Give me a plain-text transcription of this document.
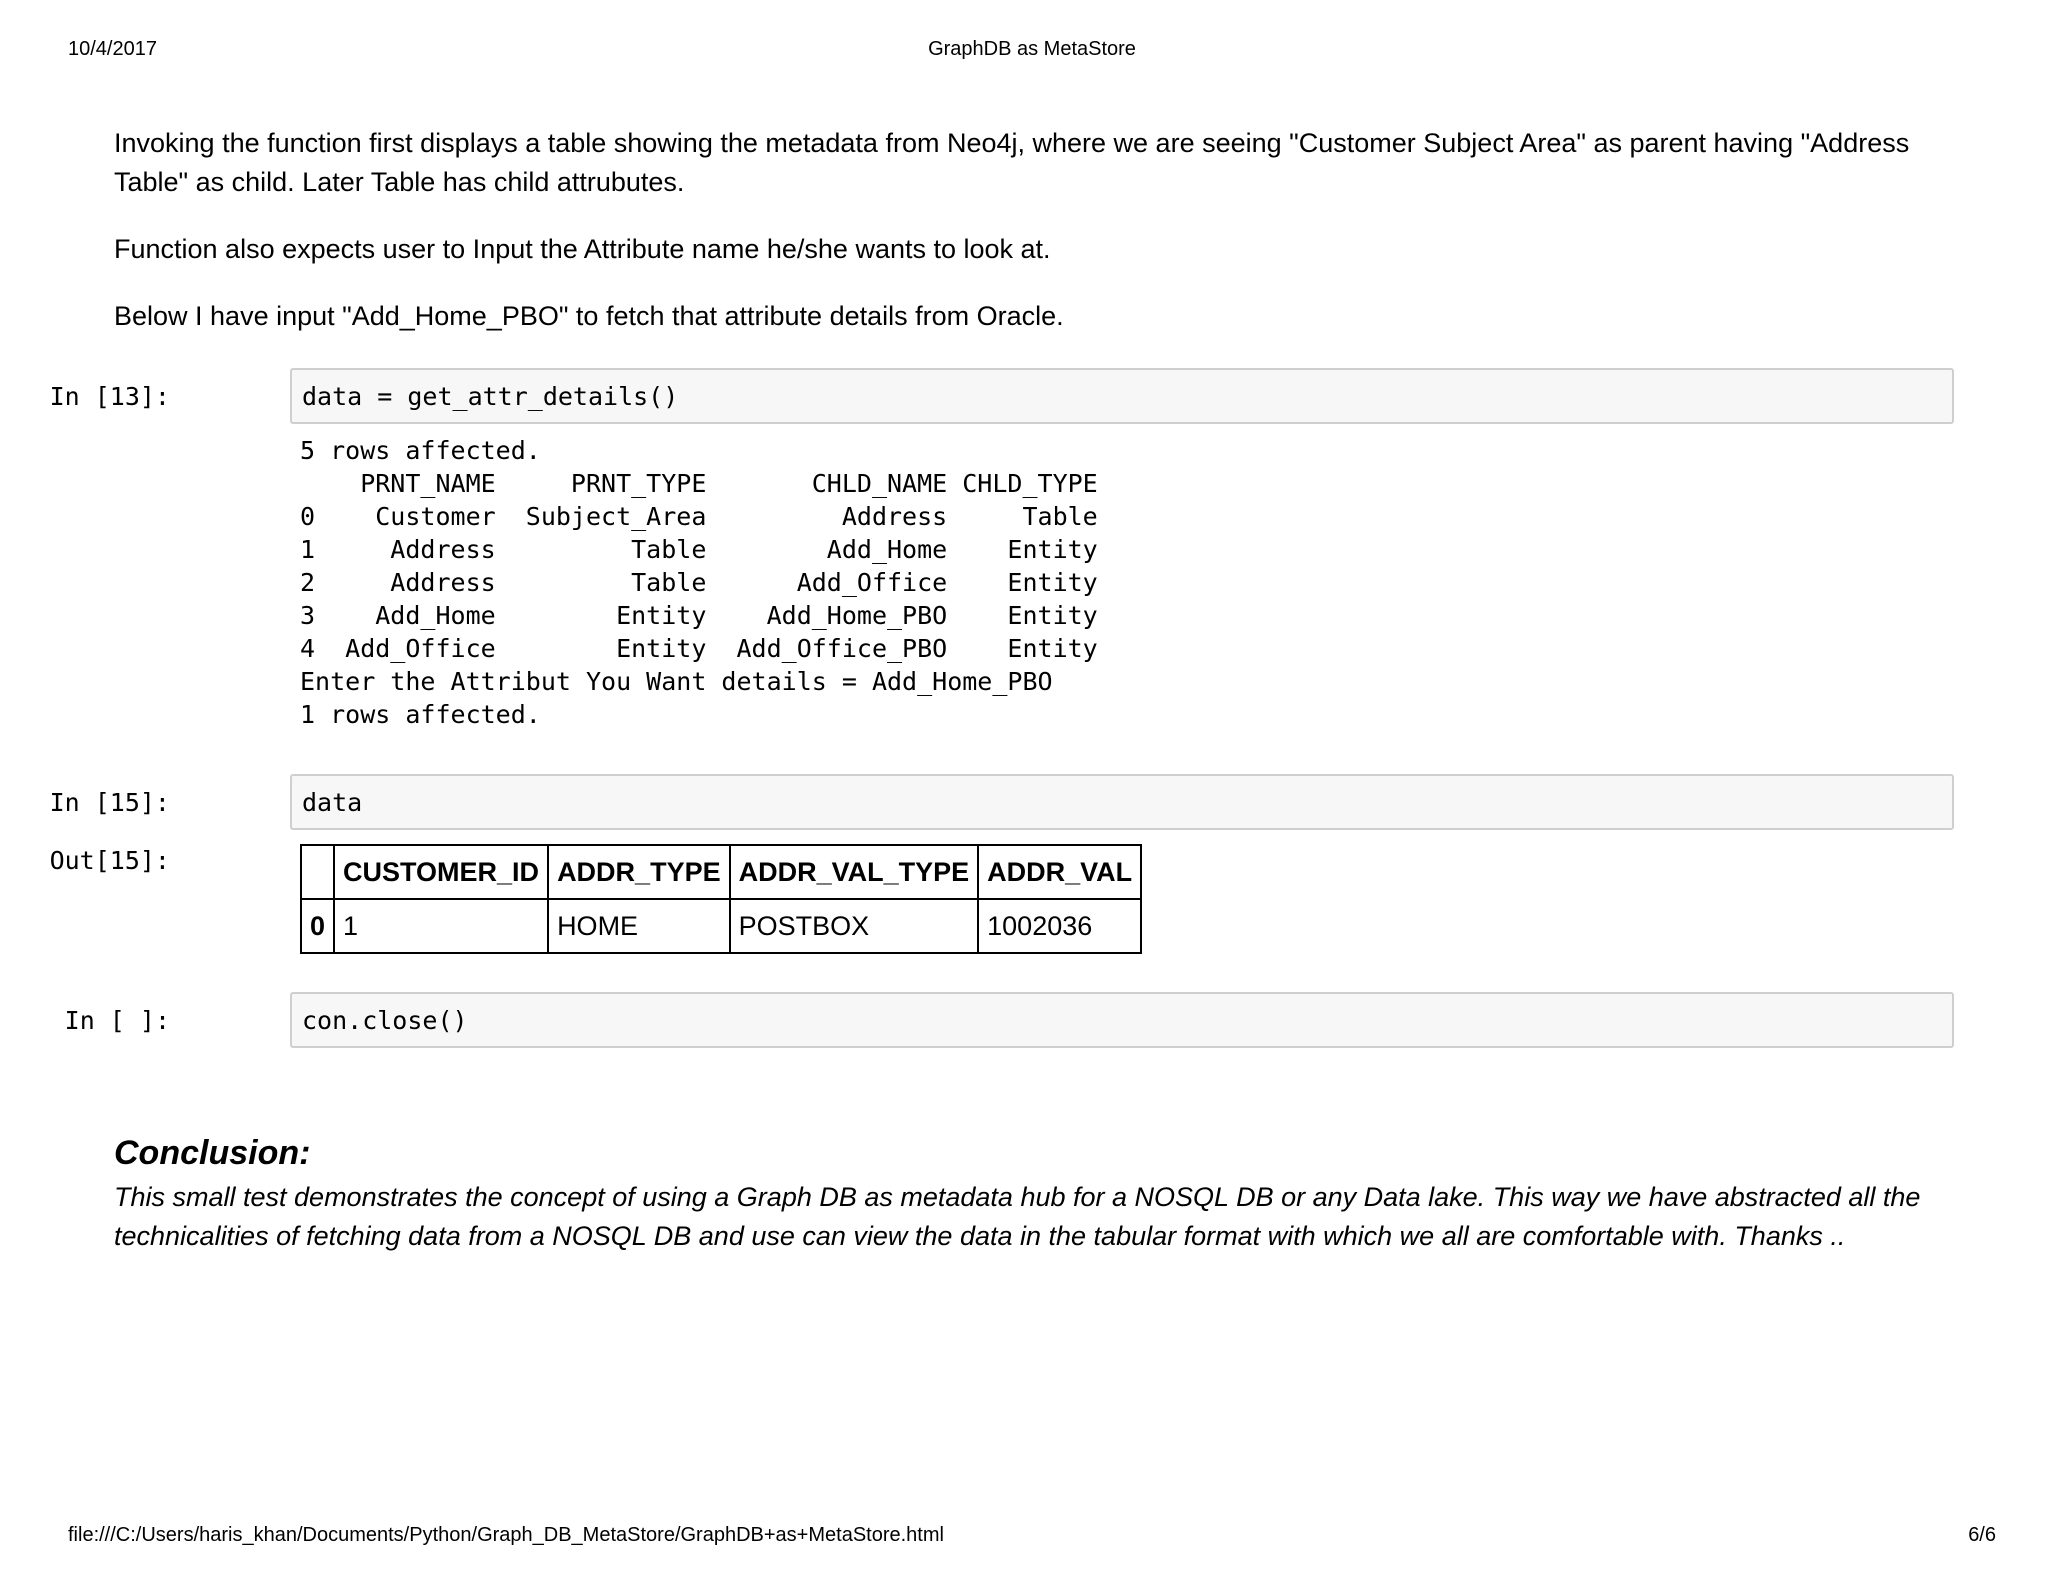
10/4/2017	GraphDB as MetaStore

Invoking the function first displays a table showing the metadata from Neo4j, where we are seeing "Customer Subject Area" as parent having "Address Table" as child. Later Table has child attrubutes.

Function also expects user to Input the Attribute name he/she wants to look at.

Below I have input "Add_Home_PBO" to fetch that attribute details from Oracle.

In [13]:	data = get_attr_details()
5 rows affected.
PRNT_NAME     PRNT_TYPE       CHLD_NAME CHLD_TYPE
0    Customer  Subject_Area         Address     Table
1     Address         Table        Add_Home    Entity
2     Address         Table      Add_Office    Entity
3    Add_Home        Entity    Add_Home_PBO    Entity
4  Add_Office        Entity  Add_Office_PBO    Entity
Enter the Attribut You Want details = Add_Home_PBO
1 rows affected.
In [15]:	data
Out[15]:
		CUSTOMER_ID	ADDR_TYPE	ADDR_VAL_TYPE	ADDR_VAL
0	1	HOME	POSTBOX	1002036
In [ ]:	con.close()
Conclusion:

This small test demonstrates the concept of using a Graph DB as metadata hub for a NOSQL DB or any Data lake. This way we have abstracted all the technicalities of fetching data from a NOSQL DB and use can view the data in the tabular format with which we all are comfortable with. Thanks ..

file:///C:/Users/haris_khan/Documents/Python/Graph_DB_MetaStore/GraphDB+as+MetaStore.html	6/6
